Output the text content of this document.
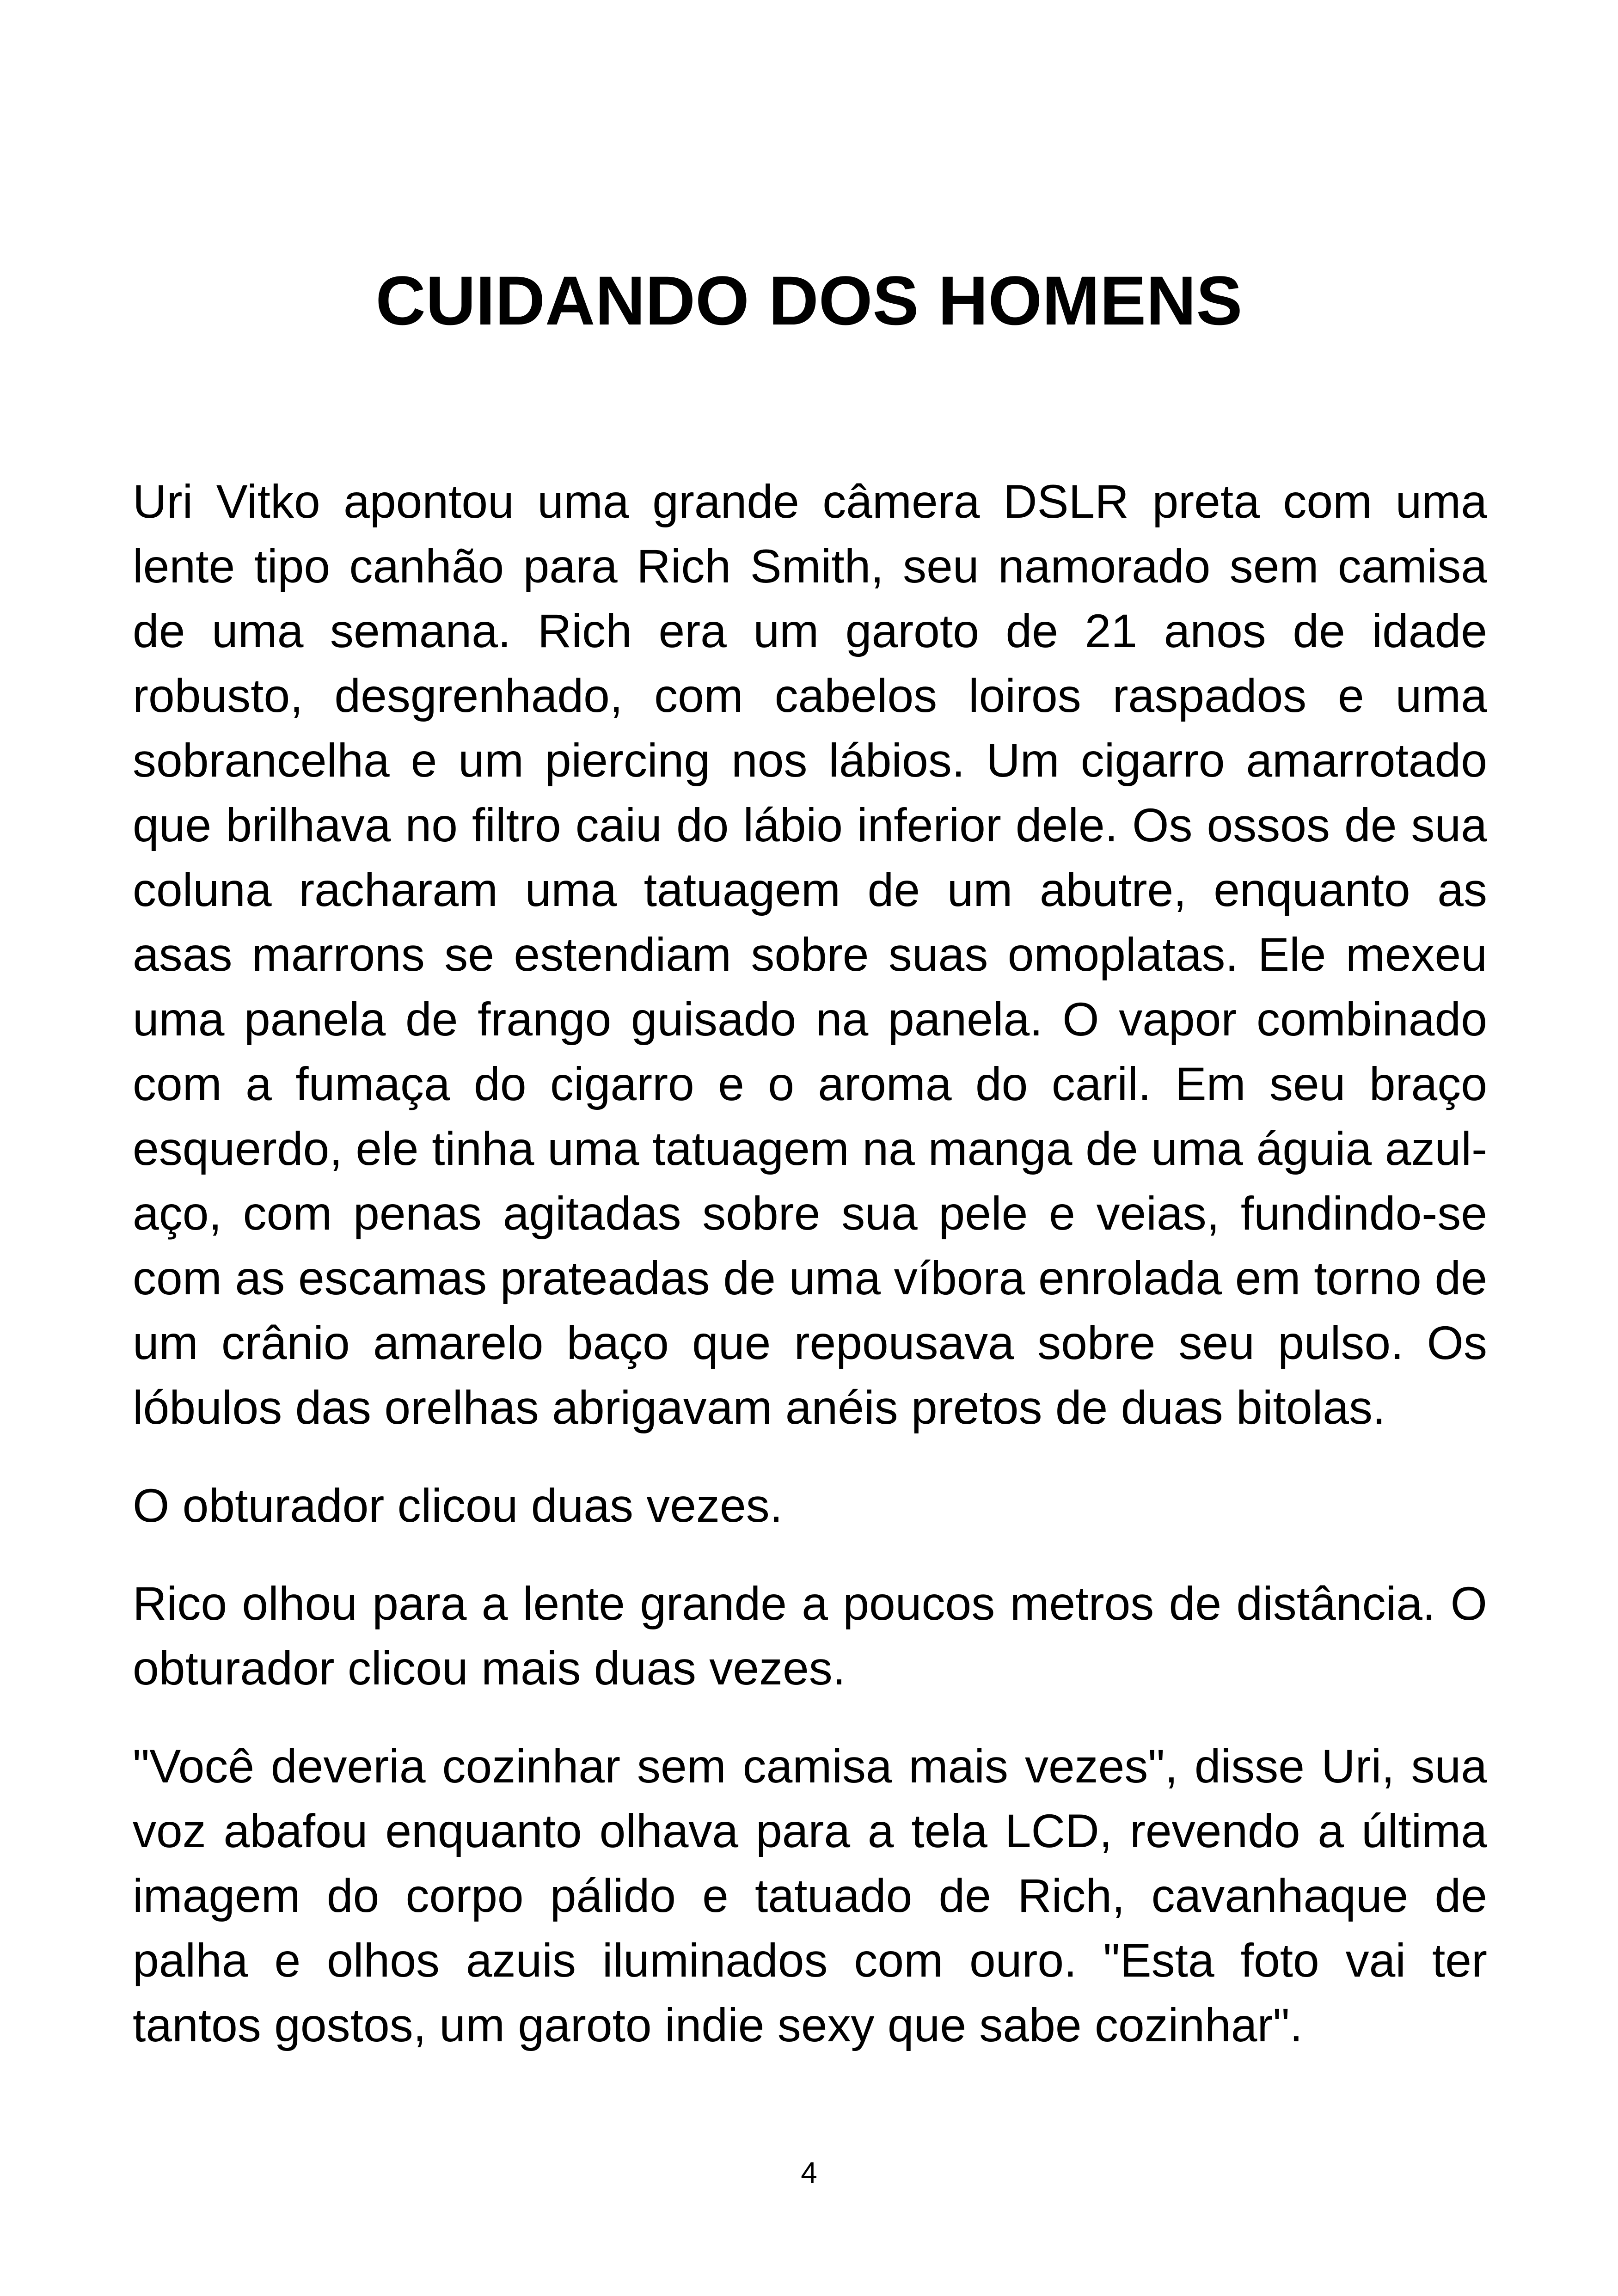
CUIDANDO DOS HOMENS

Uri Vitko apontou uma grande câmera DSLR preta com uma lente tipo canhão para Rich Smith, seu namorado sem camisa de uma semana. Rich era um garoto de 21 anos de idade robusto, desgrenhado, com cabelos loiros raspados e uma sobrancelha e um piercing nos lábios. Um cigarro amarrotado que brilhava no filtro caiu do lábio inferior dele. Os ossos de sua coluna racharam uma tatuagem de um abutre, enquanto as asas marrons se estendiam sobre suas omoplatas. Ele mexeu uma panela de frango guisado na panela. O vapor combinado com a fumaça do cigarro e o aroma do caril. Em seu braço esquerdo, ele tinha uma tatuagem na manga de uma águia azul-aço, com penas agitadas sobre sua pele e veias, fundindo-se com as escamas prateadas de uma víbora enrolada em torno de um crânio amarelo baço que repousava sobre seu pulso. Os lóbulos das orelhas abrigavam anéis pretos de duas bitolas.

O obturador clicou duas vezes.

Rico olhou para a lente grande a poucos metros de distância. O obturador clicou mais duas vezes.

"Você deveria cozinhar sem camisa mais vezes", disse Uri, sua voz abafou enquanto olhava para a tela LCD, revendo a última imagem do corpo pálido e tatuado de Rich, cavanhaque de palha e olhos azuis iluminados com ouro. "Esta foto vai ter tantos gostos, um garoto indie sexy que sabe cozinhar".

4
